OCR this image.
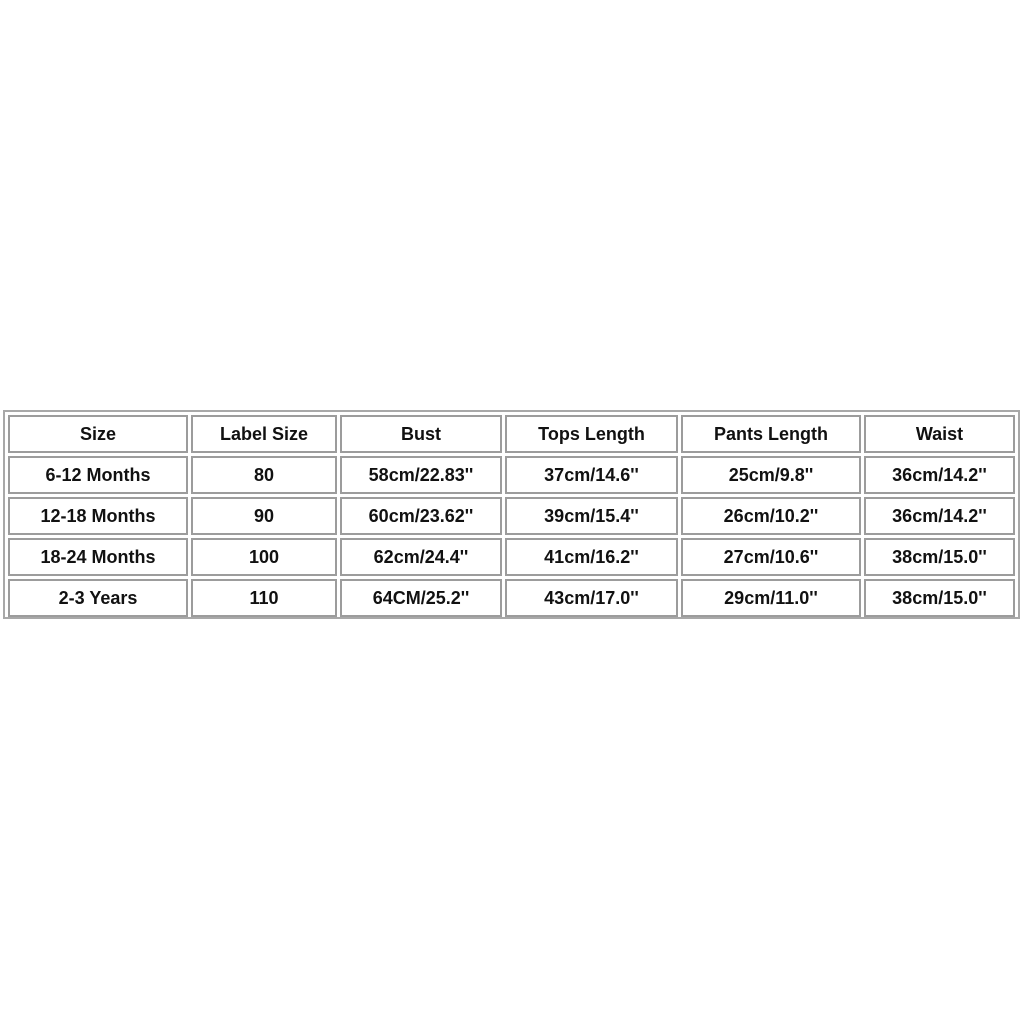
Size	Label Size	Bust	Tops Length	Pants Length	Waist
6-12 Months	80	58cm/22.83''	37cm/14.6''	25cm/9.8''	36cm/14.2''
12-18 Months	90	60cm/23.62''	39cm/15.4''	26cm/10.2''	36cm/14.2''
18-24 Months	100	62cm/24.4''	41cm/16.2''	27cm/10.6''	38cm/15.0''
2-3 Years	110	64CM/25.2''	43cm/17.0''	29cm/11.0''	38cm/15.0''
